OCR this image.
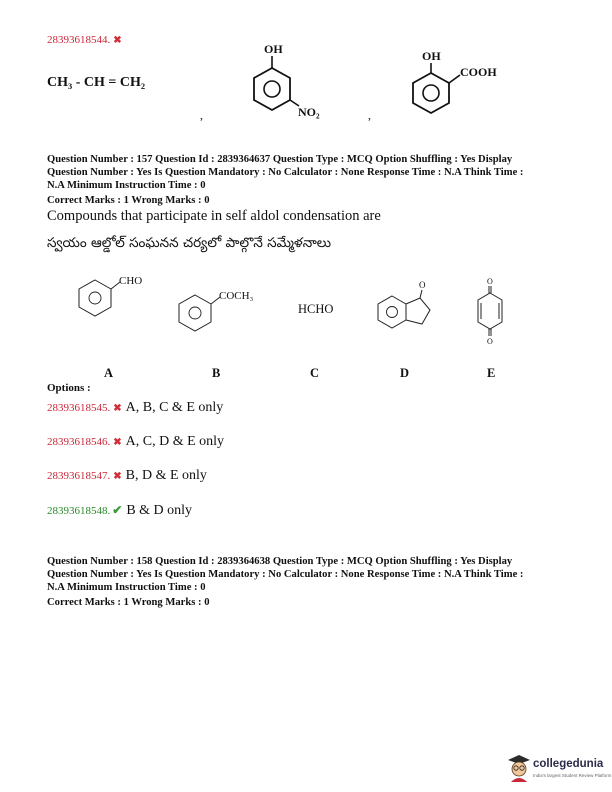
28393618544. ✖
CH₃ - CH = CH₂
,	,
OH
NO₂
OH
COOH
Question Number : 157 Question Id : 2839364637 Question Type : MCQ Option Shuffling : Yes Display
Question Number : Yes Is Question Mandatory : No Calculator : None Response Time : N.A Think Time :
N.A Minimum Instruction Time : 0
Correct Marks : 1 Wrong Marks : 0
Compounds that participate in self aldol condensation are
స్వయం ఆల్డోల్ సంఘనన చర్యలో పాల్గొనే సమ్మేళనాలు
CHO
COCH₃
HCHO
O	O
O
A	B	C	D	E
Options :
28393618545. ✖ A, B, C & E only
28393618546. ✖ A, C, D & E only
28393618547. ✖ B, D & E only
28393618548. ✔ B & D only
Question Number : 158 Question Id : 2839364638 Question Type : MCQ Option Shuffling : Yes Display
Question Number : Yes Is Question Mandatory : No Calculator : None Response Time : N.A Think Time :
N.A Minimum Instruction Time : 0
Correct Marks : 1 Wrong Marks : 0
collegedunia
India's largest Student Review Platform
